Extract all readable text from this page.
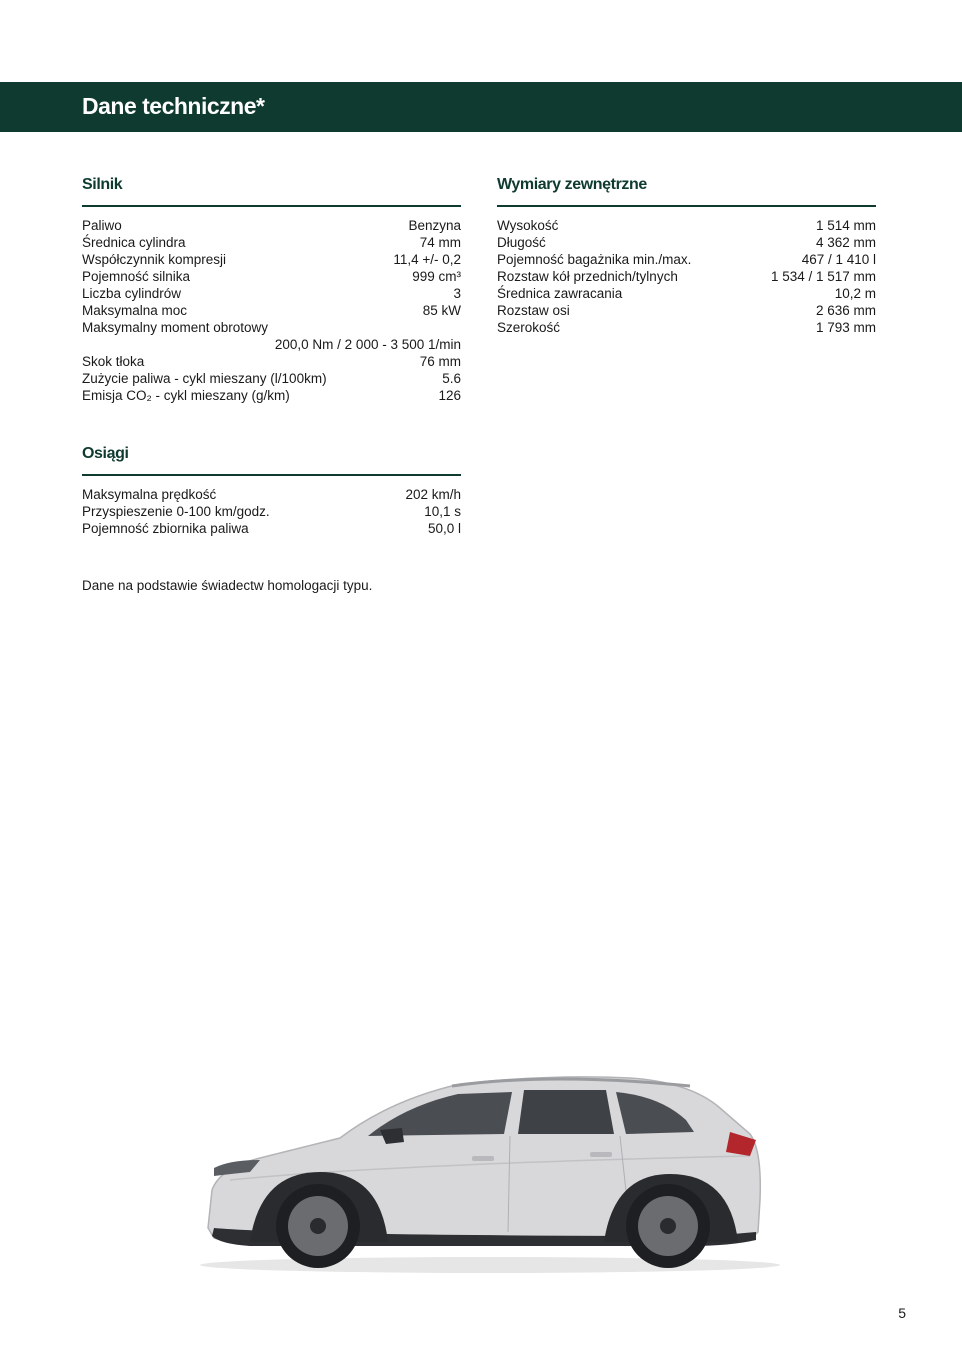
Dane techniczne*
Silnik
Paliwo	Benzyna
Średnica cylindra	74 mm
Współczynnik kompresji	11,4 +/- 0,2
Pojemność silnika	999 cm³
Liczba cylindrów	3
Maksymalna moc	85 kW
Maksymalny moment obrotowy
200,0 Nm / 2 000 - 3 500 1/min
Skok tłoka	76 mm
Zużycie paliwa - cykl mieszany (l/100km)	5.6
Emisja CO₂ - cykl mieszany (g/km)	126
Wymiary zewnętrzne
Wysokość	1 514 mm
Długość	4 362 mm
Pojemność bagażnika min./max.	467 / 1 410 l
Rozstaw kół przednich/tylnych	1 534 / 1 517 mm
Średnica zawracania	10,2 m
Rozstaw osi	2 636 mm
Szerokość	1 793 mm
Osiągi
Maksymalna prędkość	202 km/h
Przyspieszenie 0-100 km/godz.	10,1 s
Pojemność zbiornika paliwa	50,0 l

Dane na podstawie świadectw homologacji typu.

5
